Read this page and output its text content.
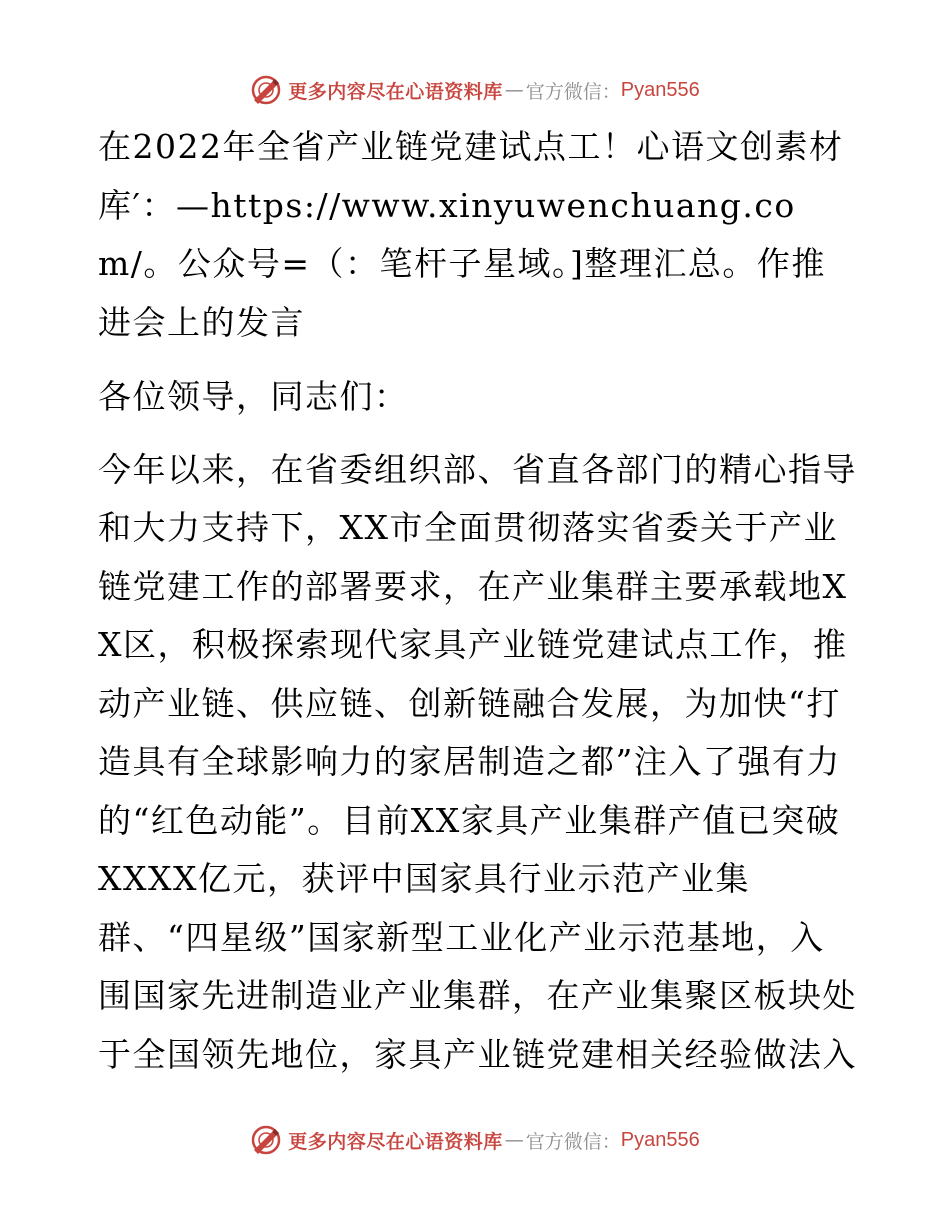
更多内容尽在心语资料库 — 官方微信： Pyan556

在2022年全省产业链党建试点工！心语文创素材库′：—https://www.xinyuwenchuang.com/。公众号=（：笔杆子星域。]整理汇总。作推进会上的发言

各位领导，同志们：

今年以来，在省委组织部、省直各部门的精心指导和大力支持下，XX市全面贯彻落实省委关于产业链党建工作的部署要求，在产业集群主要承载地XX区，积极探索现代家具产业链党建试点工作，推动产业链、供应链、创新链融合发展，为加快“打造具有全球影响力的家居制造之都”注入了强有力的“红色动能”。目前XX家具产业集群产值已突破XXXX亿元，获评中国家具行业示范产业集群、“四星级”国家新型工业化产业示范基地，入围国家先进制造业产业集群，在产业集聚区板块处于全国领先地位，家具产业链党建相关经验做法入

更多内容尽在心语资料库 — 官方微信： Pyan556
